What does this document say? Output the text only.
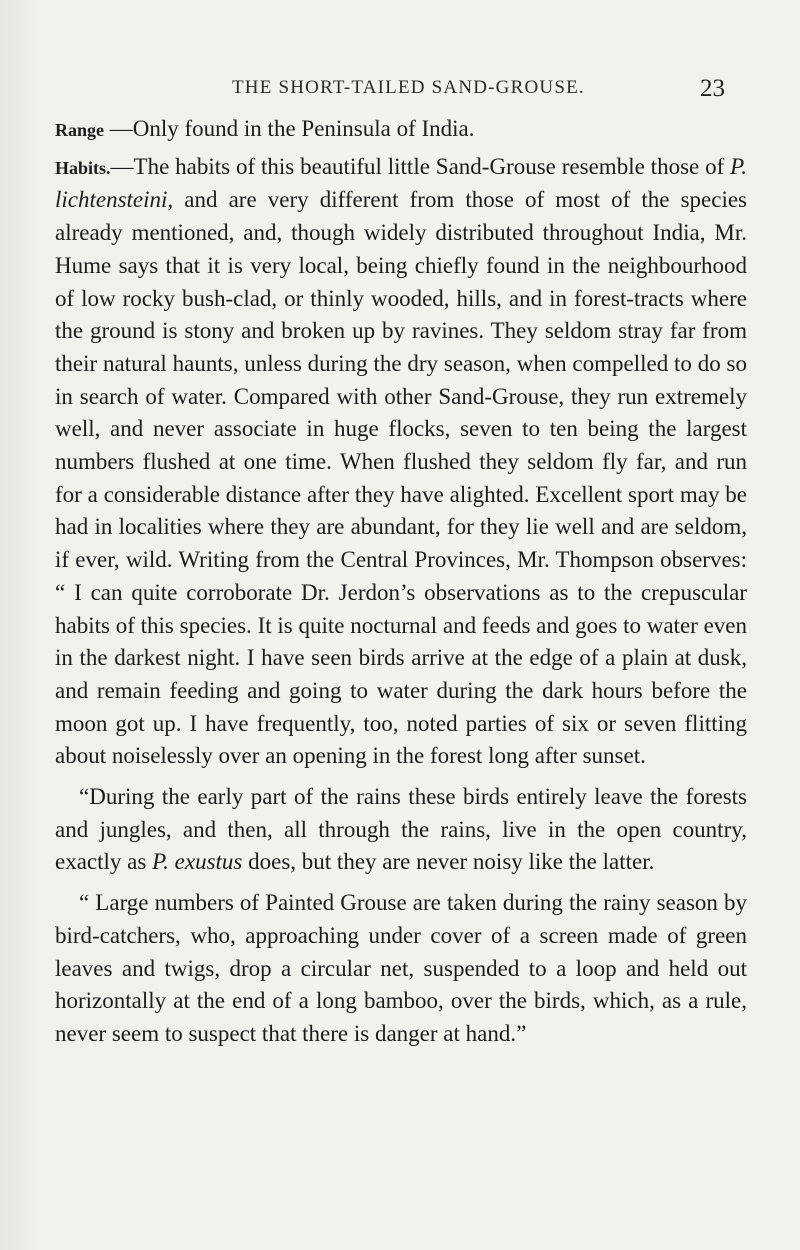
THE SHORT-TAILED SAND-GROUSE.	23

Range —Only found in the Peninsula of India.

Habits.—The habits of this beautiful little Sand-Grouse resemble those of P. lichtensteini, and are very different from those of most of the species already mentioned, and, though widely distributed throughout India, Mr. Hume says that it is very local, being chiefly found in the neighbourhood of low rocky bush-clad, or thinly wooded, hills, and in forest-tracts where the ground is stony and broken up by ravines. They seldom stray far from their natural haunts, unless during the dry season, when compelled to do so in search of water. Compared with other Sand-Grouse, they run extremely well, and never associate in huge flocks, seven to ten being the largest numbers flushed at one time. When flushed they seldom fly far, and run for a considerable distance after they have alighted. Excellent sport may be had in localities where they are abundant, for they lie well and are seldom, if ever, wild. Writing from the Central Provinces, Mr. Thompson observes: “ I can quite corroborate Dr. Jerdon’s observations as to the crepuscular habits of this species. It is quite nocturnal and feeds and goes to water even in the darkest night. I have seen birds arrive at the edge of a plain at dusk, and remain feeding and going to water during the dark hours before the moon got up. I have frequently, too, noted parties of six or seven flitting about noiselessly over an opening in the forest long after sunset.

“During the early part of the rains these birds entirely leave the forests and jungles, and then, all through the rains, live in the open country, exactly as P. exustus does, but they are never noisy like the latter.

“ Large numbers of Painted Grouse are taken during the rainy season by bird-catchers, who, approaching under cover of a screen made of green leaves and twigs, drop a circular net, suspended to a loop and held out horizontally at the end of a long bamboo, over the birds, which, as a rule, never seem to suspect that there is danger at hand.”
